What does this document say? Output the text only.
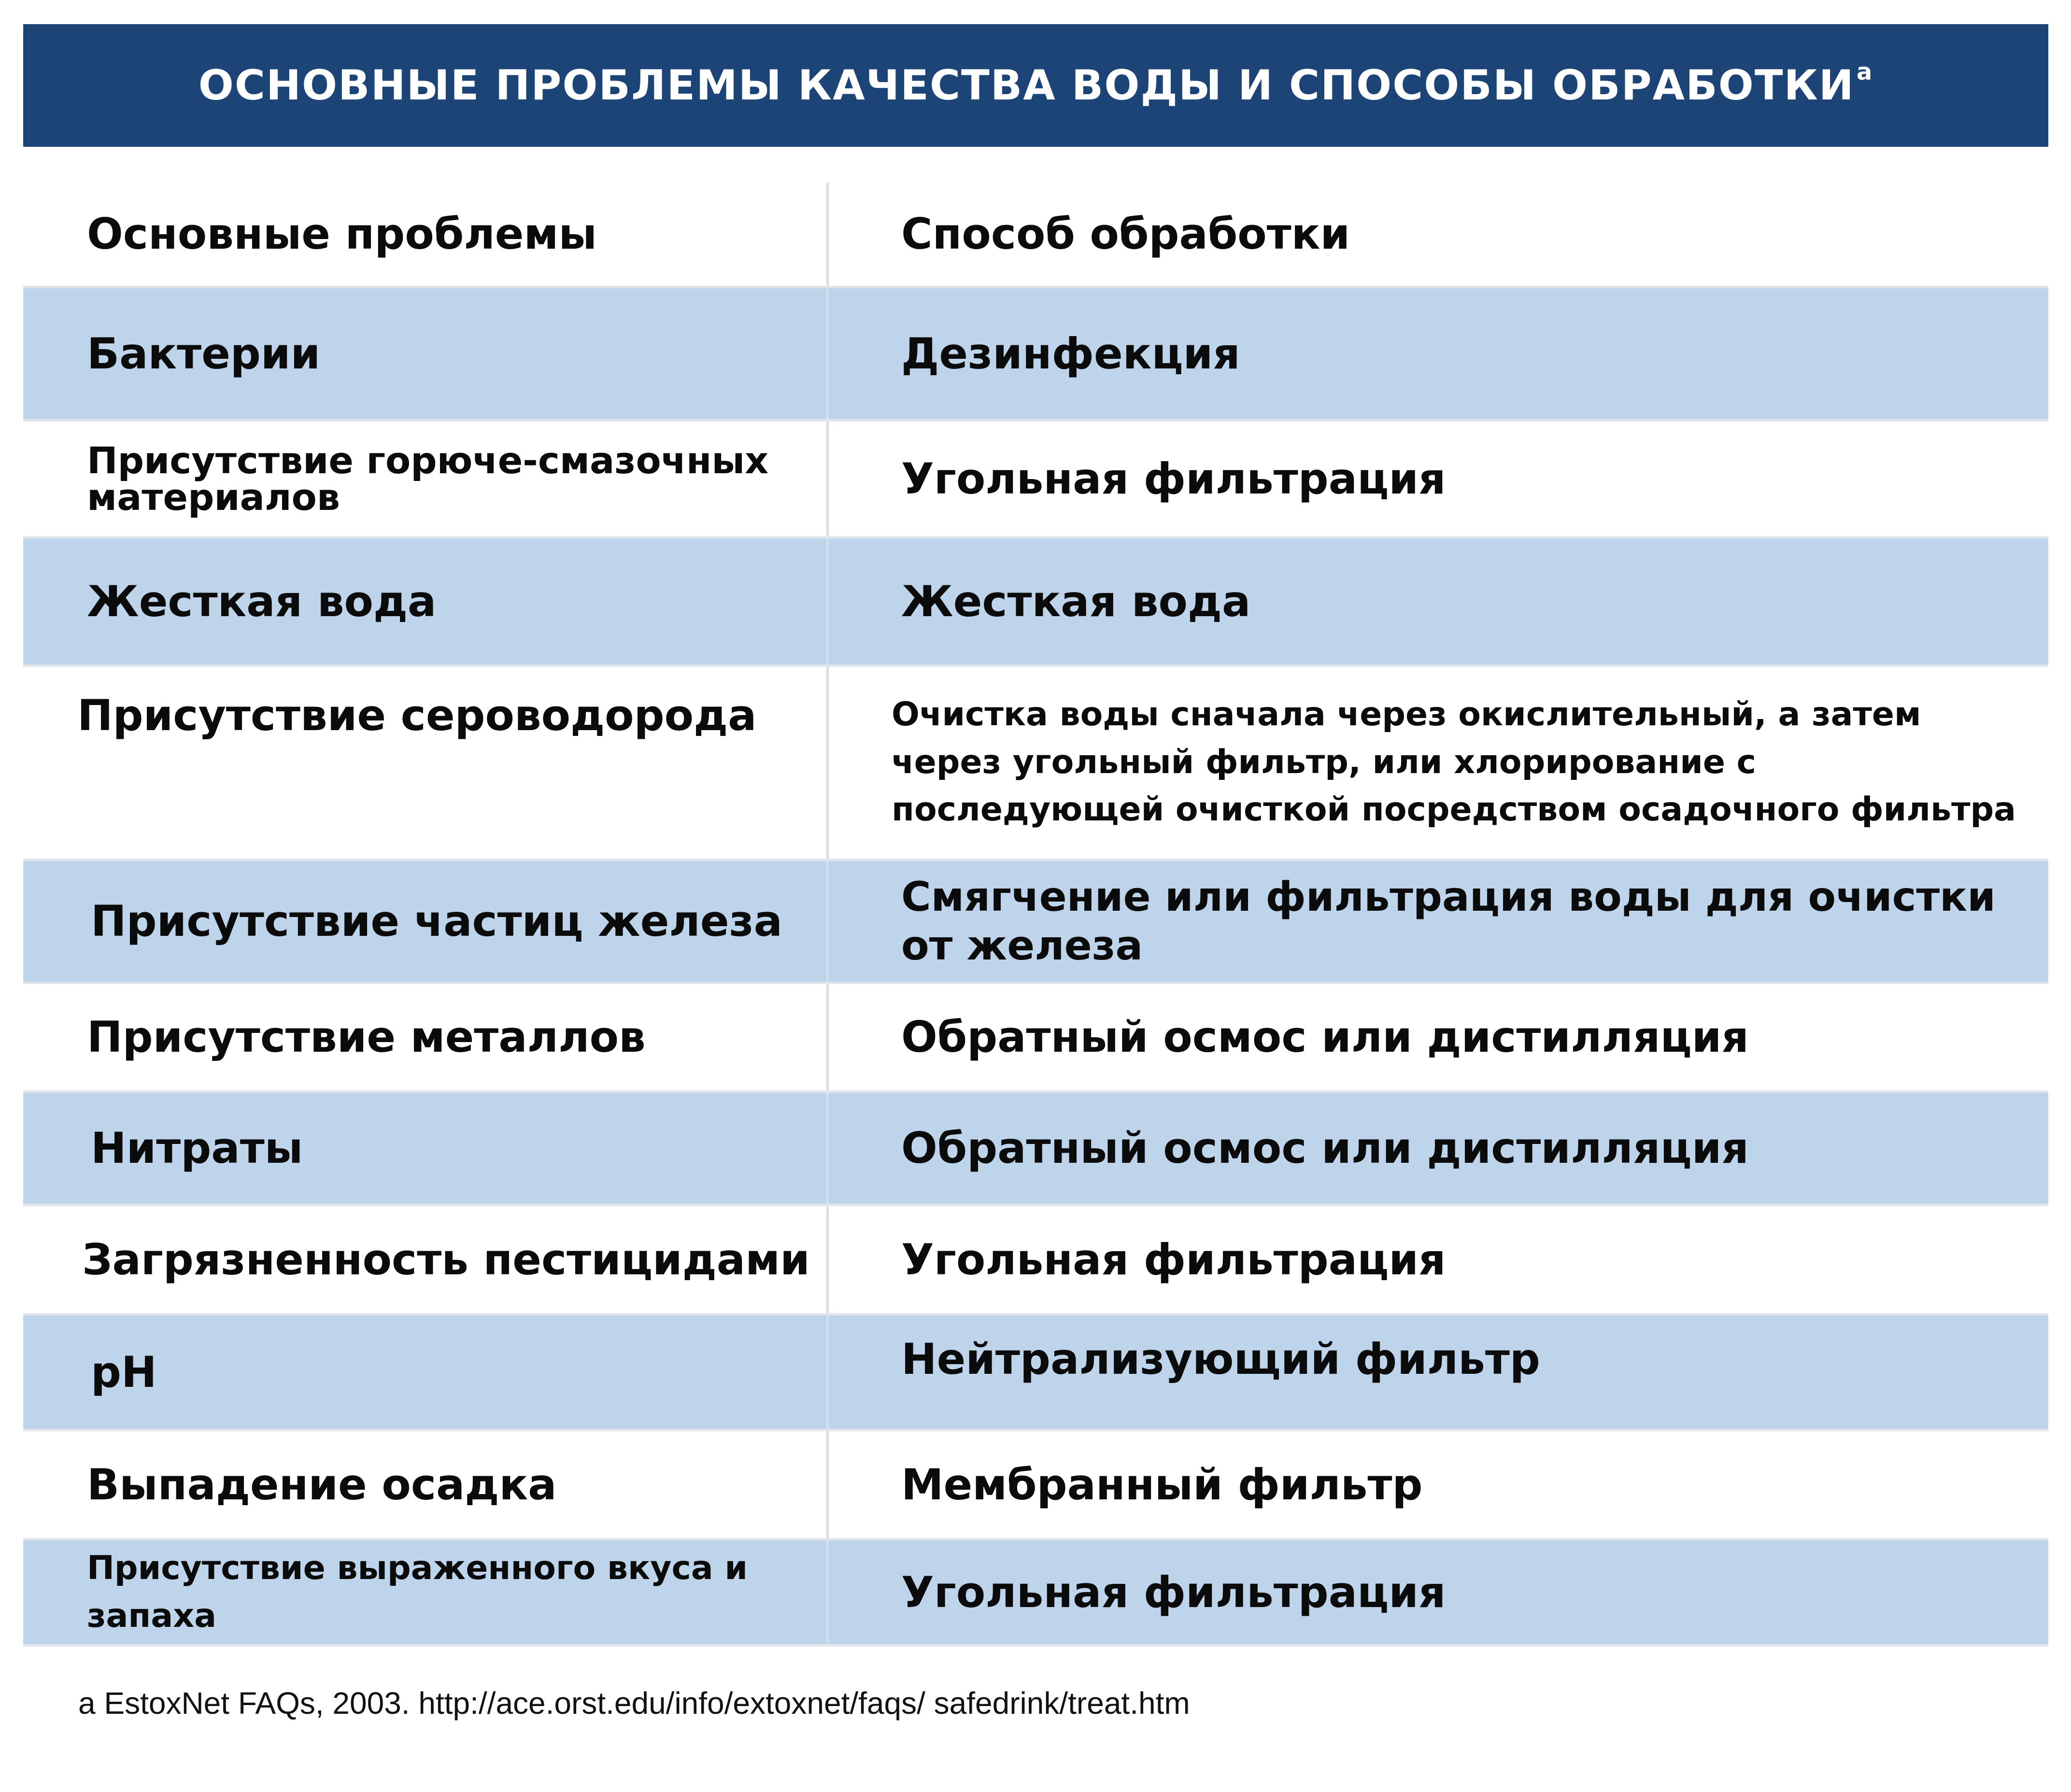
ОСНОВНЫЕ ПРОБЛЕМЫ КАЧЕСТВА ВОДЫ И СПОСОБЫ ОБРАБОТКИ$^a$
Основные проблемы	Способ обработки
Бактерии	Дезинфекция
Присутствие горюче-смазочных материалов	Угольная фильтрация
Жесткая вода	Жесткая вода
Присутствие сероводорода	Очистка воды сначала через окислительный, а затем через угольный фильтр, или хлорирование с последующей очисткой посредством осадочного фильтра
Присутствие частиц железа	Смягчение или фильтрация воды для очистки от железа
Присутствие металлов	Обратный осмос или дистилляция
Нитраты	Обратный осмос или дистилляция
Загрязненность пестицидами	Угольная фильтрация
pH	Нейтрализующий фильтр
Выпадение осадка	Мембранный фильтр
Присутствие выраженного вкуса и запаха	Угольная фильтрация
a EstoxNet FAQs, 2003. http://ace.orst.edu/info/extoxnet/faqs/ safedrink/treat.htm
